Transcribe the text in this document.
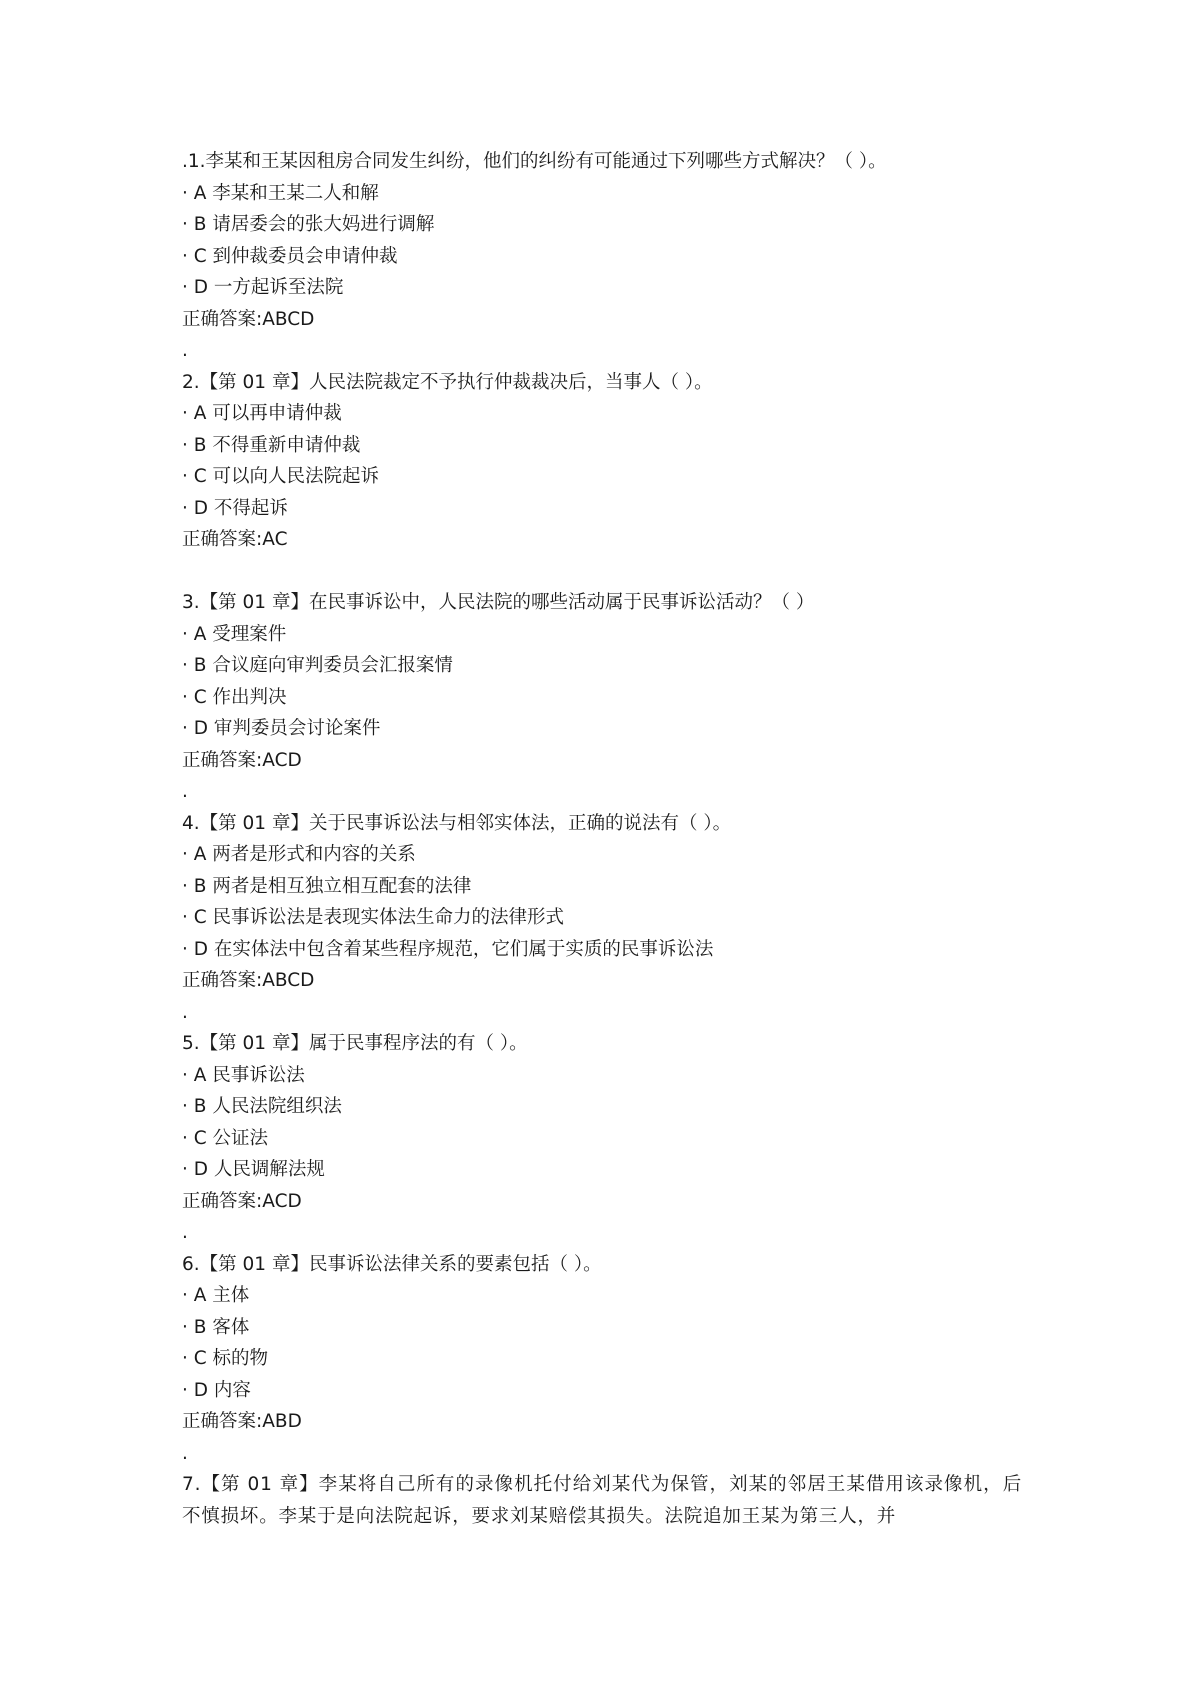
.1.李某和王某因租房合同发生纠纷，他们的纠纷有可能通过下列哪些方式解决？（ ）。
· A 李某和王某二人和解
· B 请居委会的张大妈进行调解
· C 到仲裁委员会申请仲裁
· D 一方起诉至法院
正确答案:ABCD
.
2.【第 01 章】人民法院裁定不予执行仲裁裁决后，当事人（ ）。
· A 可以再申请仲裁
· B 不得重新申请仲裁
· C 可以向人民法院起诉
· D 不得起诉
正确答案:AC
3.【第 01 章】在民事诉讼中，人民法院的哪些活动属于民事诉讼活动？（ ）
· A 受理案件
· B 合议庭向审判委员会汇报案情
· C 作出判决
· D 审判委员会讨论案件
正确答案:ACD
.
4.【第 01 章】关于民事诉讼法与相邻实体法，正确的说法有（ ）。
· A 两者是形式和内容的关系
· B 两者是相互独立相互配套的法律
· C 民事诉讼法是表现实体法生命力的法律形式
· D 在实体法中包含着某些程序规范，它们属于实质的民事诉讼法
正确答案:ABCD
.
5.【第 01 章】属于民事程序法的有（ ）。
· A 民事诉讼法
· B 人民法院组织法
· C 公证法
· D 人民调解法规
正确答案:ACD
.
6.【第 01 章】民事诉讼法律关系的要素包括（ ）。
· A 主体
· B 客体
· C 标的物
· D 内容
正确答案:ABD
.
7.【第 01 章】李某将自己所有的录像机托付给刘某代为保管，刘某的邻居王某借用该录像机，后不慎损坏。李某于是向法院起诉，要求刘某赔偿其损失。法院追加王某为第三人，并
